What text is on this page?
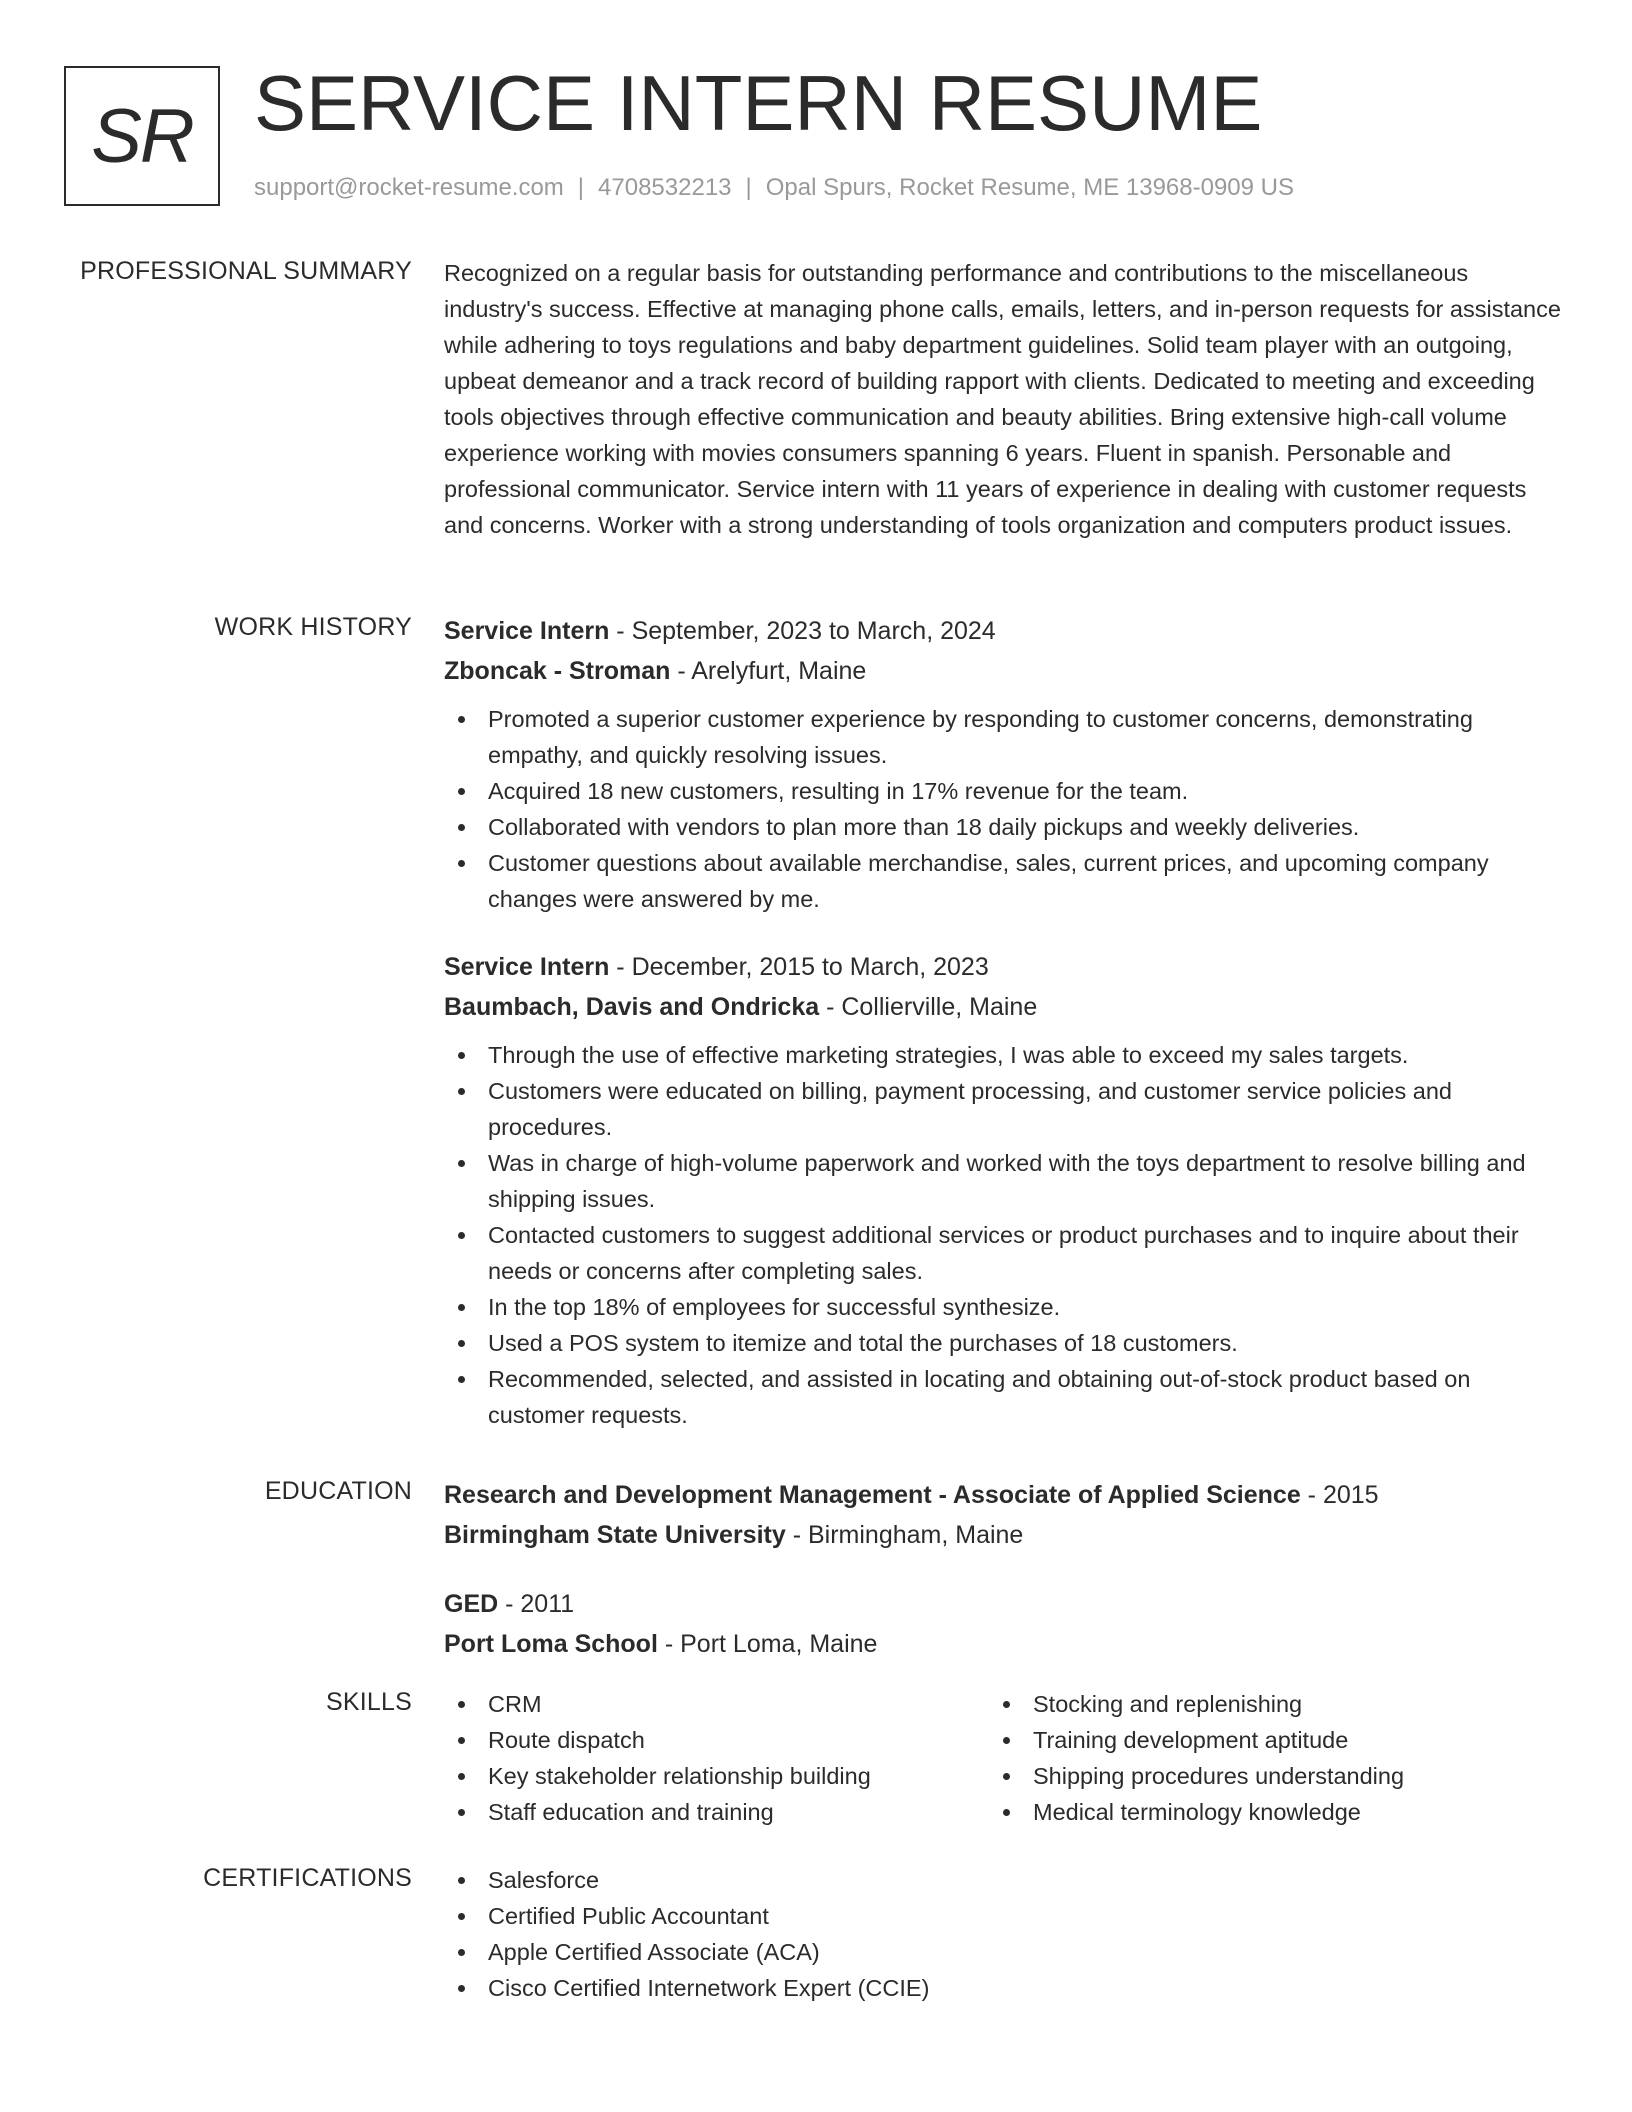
SR SERVICE INTERN RESUME
support@rocket-resume.com | 4708532213 | Opal Spurs, Rocket Resume, ME 13968-0909 US
PROFESSIONAL SUMMARY Recognized on a regular basis for outstanding performance and contributions to the miscellaneous industry's success. Effective at managing phone calls, emails, letters, and in-person requests for assistance while adhering to toys regulations and baby department guidelines. Solid team player with an outgoing, upbeat demeanor and a track record of building rapport with clients. Dedicated to meeting and exceeding tools objectives through effective communication and beauty abilities. Bring extensive high-call volume experience working with movies consumers spanning 6 years. Fluent in spanish. Personable and professional communicator. Service intern with 11 years of experience in dealing with customer requests and concerns. Worker with a strong understanding of tools organization and computers product issues.

WORK HISTORY Service Intern - September, 2023 to March, 2024
Zboncak - Stroman - Arelyfurt, Maine
Promoted a superior customer experience by responding to customer concerns, demonstrating empathy, and quickly resolving issues.
Acquired 18 new customers, resulting in 17% revenue for the team.
Collaborated with vendors to plan more than 18 daily pickups and weekly deliveries.
Customer questions about available merchandise, sales, current prices, and upcoming company changes were answered by me.
Service Intern - December, 2015 to March, 2023
Baumbach, Davis and Ondricka - Collierville, Maine
Through the use of effective marketing strategies, I was able to exceed my sales targets.
Customers were educated on billing, payment processing, and customer service policies and procedures.
Was in charge of high-volume paperwork and worked with the toys department to resolve billing and shipping issues.
Contacted customers to suggest additional services or product purchases and to inquire about their needs or concerns after completing sales.
In the top 18% of employees for successful synthesize.
Used a POS system to itemize and total the purchases of 18 customers.
Recommended, selected, and assisted in locating and obtaining out-of-stock product based on customer requests.
EDUCATION Research and Development Management - Associate of Applied Science - 2015
Birmingham State University - Birmingham, Maine
GED - 2011
Port Loma School - Port Loma, Maine
SKILLS	CRM
Route dispatch
Key stakeholder relationship building
Staff education and training
Stocking and replenishing
Training development aptitude
Shipping procedures understanding
Medical terminology knowledge
CERTIFICATIONS	Salesforce
Certified Public Accountant
Apple Certified Associate (ACA)
Cisco Certified Internetwork Expert (CCIE)
